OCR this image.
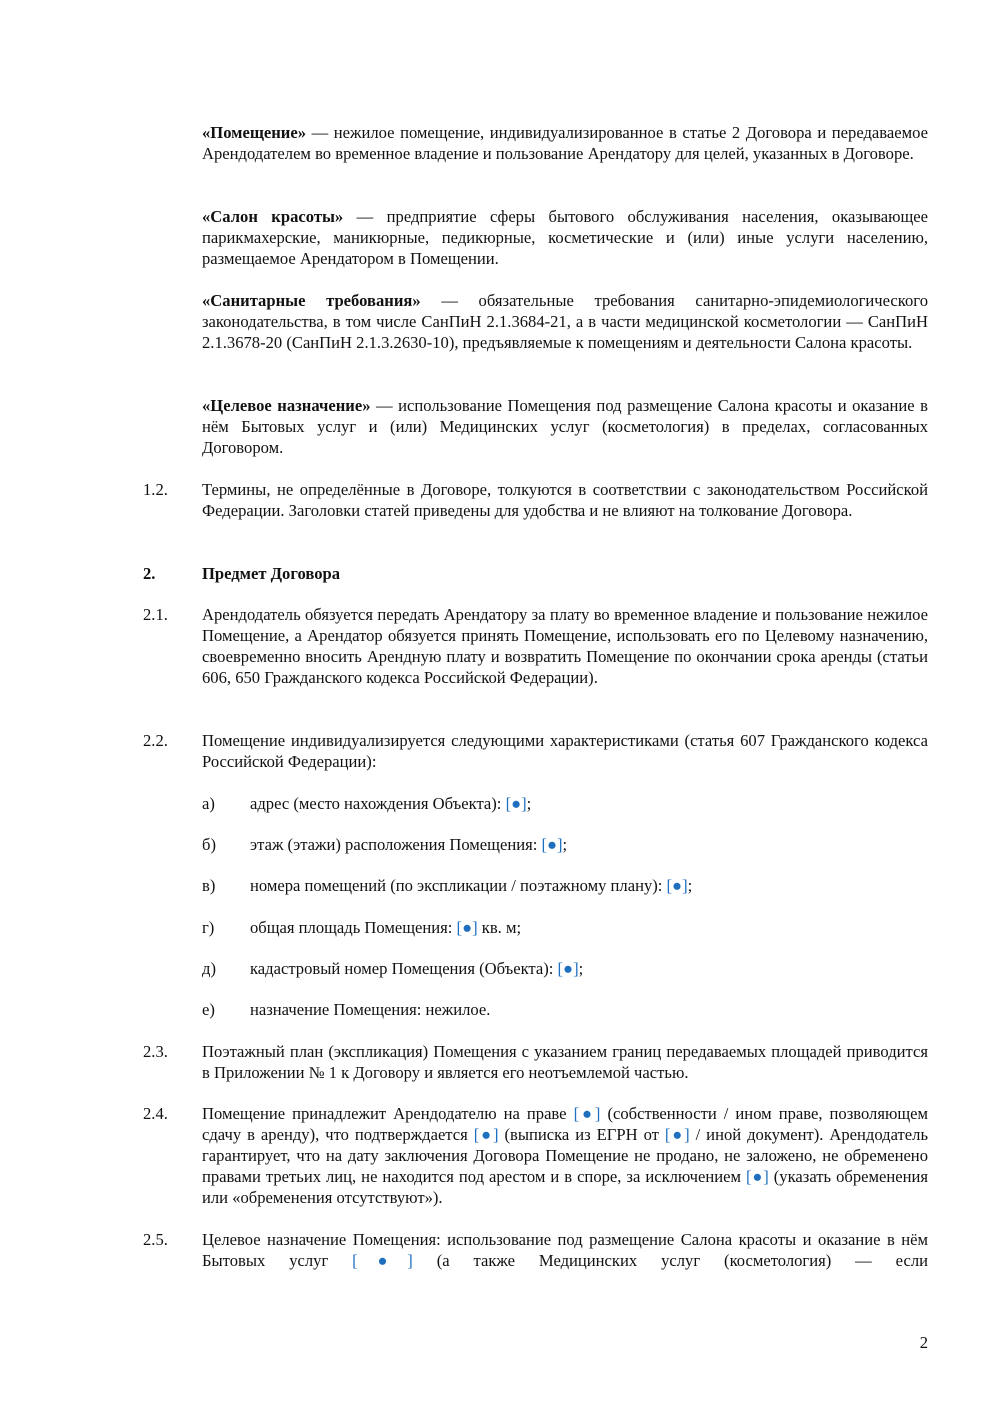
«Помещение» — нежилое помещение, индивидуализированное в статье 2 Договора и передаваемое Арендодателем во временное владение и пользование Арендатору для целей, указанных в Договоре.
«Салон красоты» — предприятие сферы бытового обслуживания населения, оказывающее парикмахерские, маникюрные, педикюрные, косметические и (или) иные услуги населению, размещаемое Арендатором в Помещении.
«Санитарные требования» — обязательные требования санитарно-эпидемиологического законодательства, в том числе СанПиН 2.1.3684-21, а в части медицинской косметологии — СанПиН 2.1.3678-20 (СанПиН 2.1.3.2630-10), предъявляемые к помещениям и деятельности Салона красоты.
«Целевое назначение» — использование Помещения под размещение Салона красоты и оказание в нём Бытовых услуг и (или) Медицинских услуг (косметология) в пределах, согласованных Договором.
1.2. Термины, не определённые в Договоре, толкуются в соответствии с законодательством Российской Федерации. Заголовки статей приведены для удобства и не влияют на толкование Договора.
2.	Предмет Договора
2.1. Арендодатель обязуется передать Арендатору за плату во временное владение и пользование нежилое Помещение, а Арендатор обязуется принять Помещение, использовать его по Целевому назначению, своевременно вносить Арендную плату и возвратить Помещение по окончании срока аренды (статьи 606, 650 Гражданского кодекса Российской Федерации).
2.2. Помещение индивидуализируется следующими характеристиками (статья 607 Гражданского кодекса Российской Федерации):
а) адрес (место нахождения Объекта): [●];
б) этаж (этажи) расположения Помещения: [●];
в) номера помещений (по экспликации / поэтажному плану): [●];
г) общая площадь Помещения: [●] кв. м;
д) кадастровый номер Помещения (Объекта): [●];
е) назначение Помещения: нежилое.
2.3. Поэтажный план (экспликация) Помещения с указанием границ передаваемых площадей приводится в Приложении № 1 к Договору и является его неотъемлемой частью.
2.4. Помещение принадлежит Арендодателю на праве [●] (собственности / ином праве, позволяющем сдачу в аренду), что подтверждается [●] (выписка из ЕГРН от [●] / иной документ). Арендодатель гарантирует, что на дату заключения Договора Помещение не продано, не заложено, не обременено правами третьих лиц, не находится под арестом и в споре, за исключением [●] (указать обременения или «обременения отсутствуют»).
2.5. Целевое назначение Помещения: использование под размещение Салона красоты и оказание в нём Бытовых услуг [●] (а также Медицинских услуг (косметология) — если
2
